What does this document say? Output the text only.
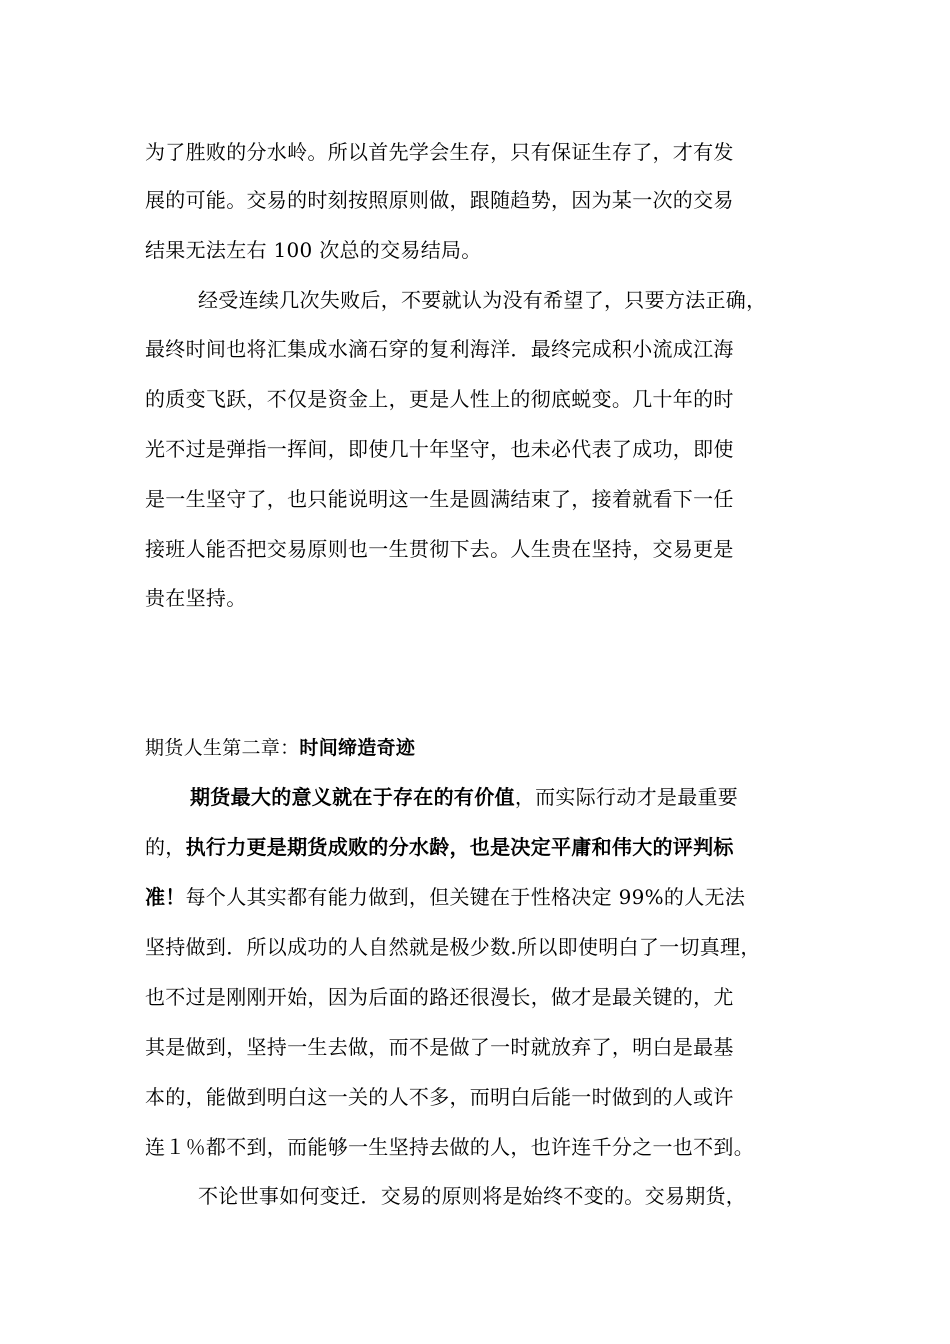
为了胜败的分水岭。所以首先学会生存，只有保证生存了，才有发
展的可能。交易的时刻按照原则做，跟随趋势，因为某一次的交易
结果无法左右 100 次总的交易结局。
经受连续几次失败后，不要就认为没有希望了，只要方法正确，
最终时间也将汇集成水滴石穿的复利海洋．最终完成积小流成江海
的质变飞跃，不仅是资金上，更是人性上的彻底蜕变。几十年的时
光不过是弹指一挥间，即使几十年坚守，也未必代表了成功，即使
是一生坚守了，也只能说明这一生是圆满结束了，接着就看下一任
接班人能否把交易原则也一生贯彻下去。人生贵在坚持，交易更是
贵在坚持。
期货人生第二章：时间缔造奇迹
期货最大的意义就在于存在的有价值，而实际行动才是最重要
的，执行力更是期货成败的分水龄，也是决定平庸和伟大的评判标
准！每个人其实都有能力做到，但关键在于性格决定 99%的人无法
坚持做到．所以成功的人自然就是极少数.所以即使明白了一切真理，
也不过是刚刚开始，因为后面的路还很漫长，做才是最关键的，尤
其是做到，坚持一生去做，而不是做了一时就放弃了，明白是最基
本的，能做到明白这一关的人不多，而明白后能一时做到的人或许
连１％都不到，而能够一生坚持去做的人，也许连千分之一也不到。
不论世事如何变迁．交易的原则将是始终不变的。交易期货，
